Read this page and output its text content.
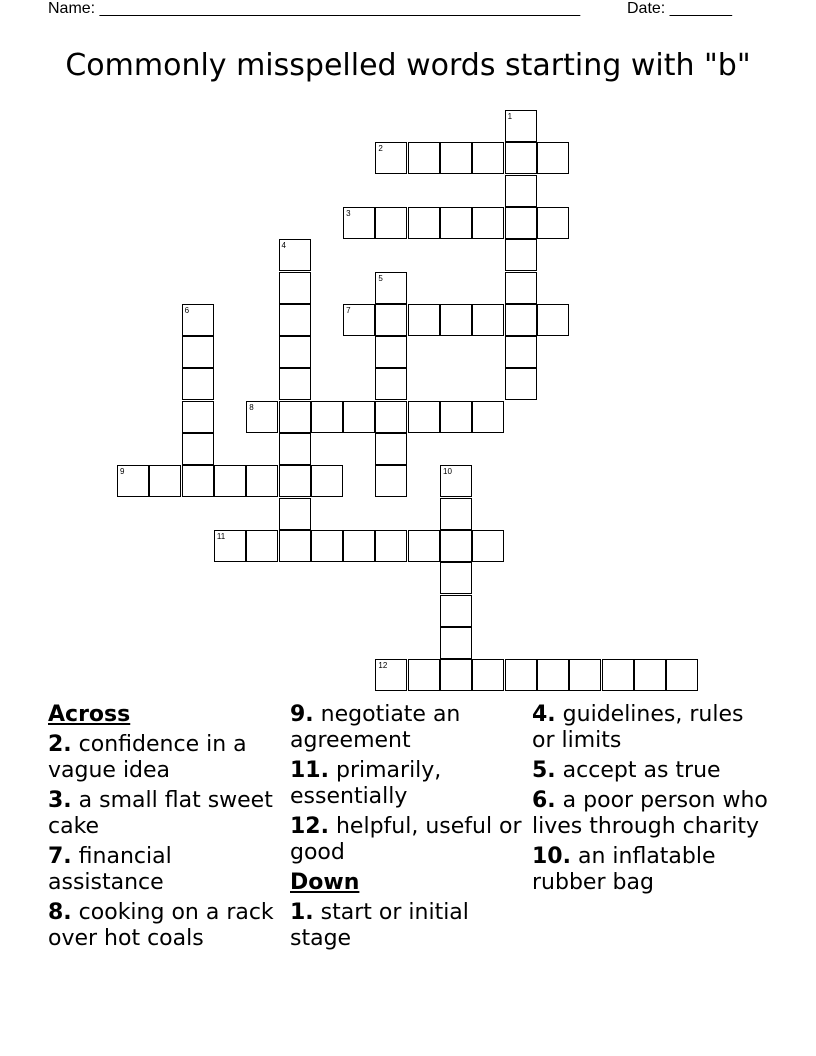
Name: ______________________________________________________	Date: _______
Commonly misspelled words starting with "b"
1
2
3
4
5
6	7
8
9	10
11
12
Across
2. confidence in a vague idea
3. a small flat sweet cake
7. financial assistance
8. cooking on a rack over hot coals
9. negotiate an agreement
11. primarily, essentially
12. helpful, useful or good
Down
1. start or initial stage
4. guidelines, rules or limits
5. accept as true
6. a poor person who lives through charity
10. an inflatable rubber bag
